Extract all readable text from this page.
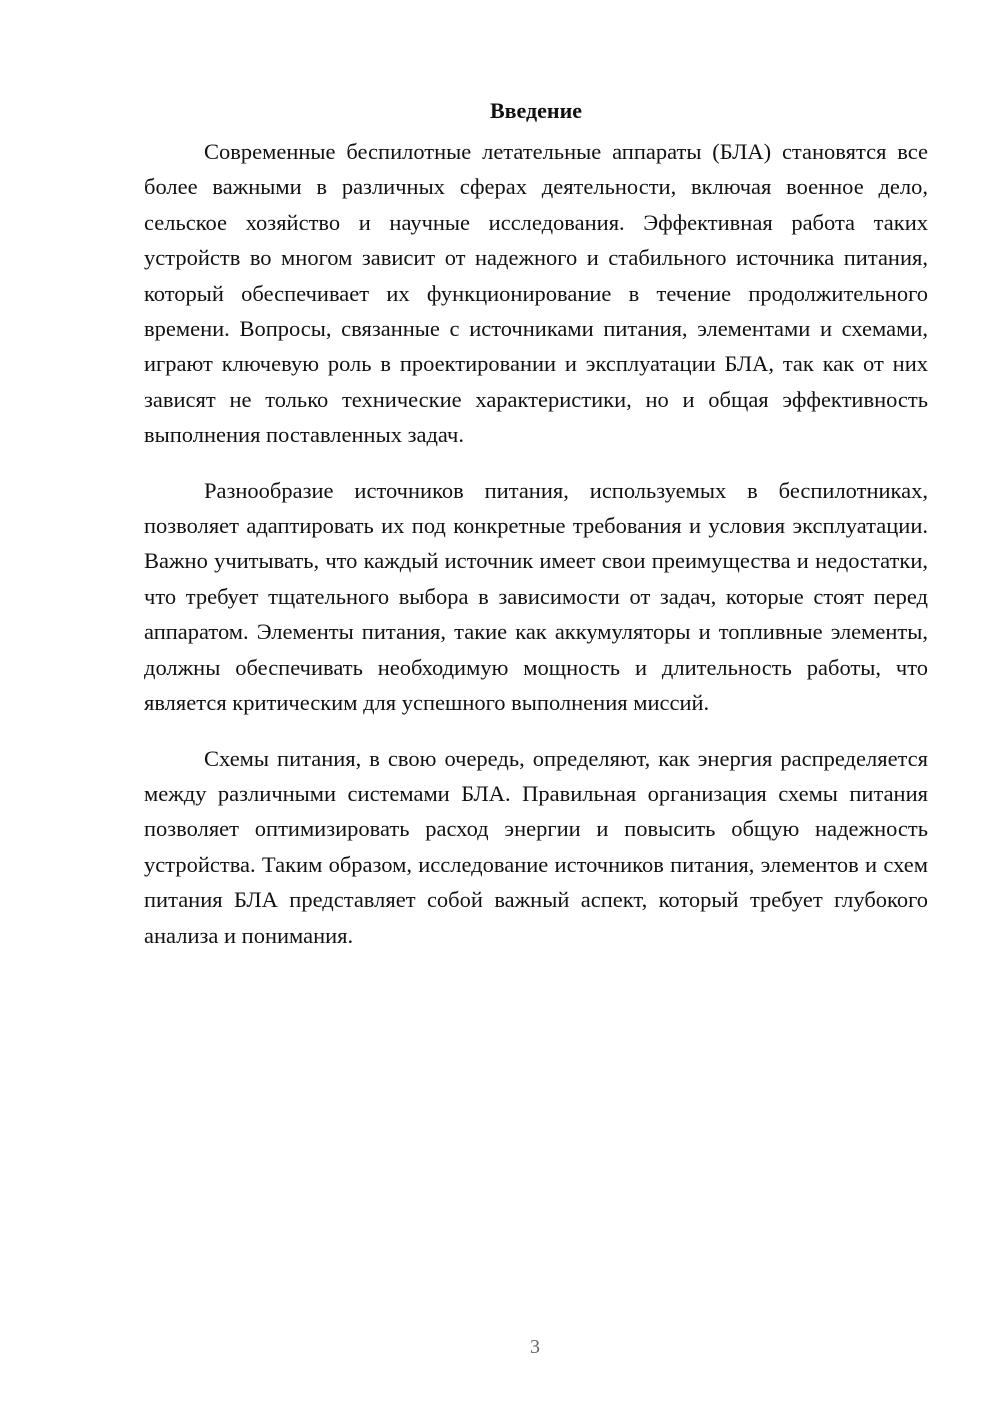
Введение

Современные беспилотные летательные аппараты (БЛА) становятся все более важными в различных сферах деятельности, включая военное дело, сельское хозяйство и научные исследования. Эффективная работа таких устройств во многом зависит от надежного и стабильного источника питания, который обеспечивает их функционирование в течение продолжительного времени. Вопросы, связанные с источниками питания, элементами и схемами, играют ключевую роль в проектировании и эксплуатации БЛА, так как от них зависят не только технические характеристики, но и общая эффективность выполнения поставленных задач.

Разнообразие источников питания, используемых в беспилотниках, позволяет адаптировать их под конкретные требования и условия эксплуатации. Важно учитывать, что каждый источник имеет свои преимущества и недостатки, что требует тщательного выбора в зависимости от задач, которые стоят перед аппаратом. Элементы питания, такие как аккумуляторы и топливные элементы, должны обеспечивать необходимую мощность и длительность работы, что является критическим для успешного выполнения миссий.

Схемы питания, в свою очередь, определяют, как энергия распределяется между различными системами БЛА. Правильная организация схемы питания позволяет оптимизировать расход энергии и повысить общую надежность устройства. Таким образом, исследование источников питания, элементов и схем питания БЛА представляет собой важный аспект, который требует глубокого анализа и понимания.

3
